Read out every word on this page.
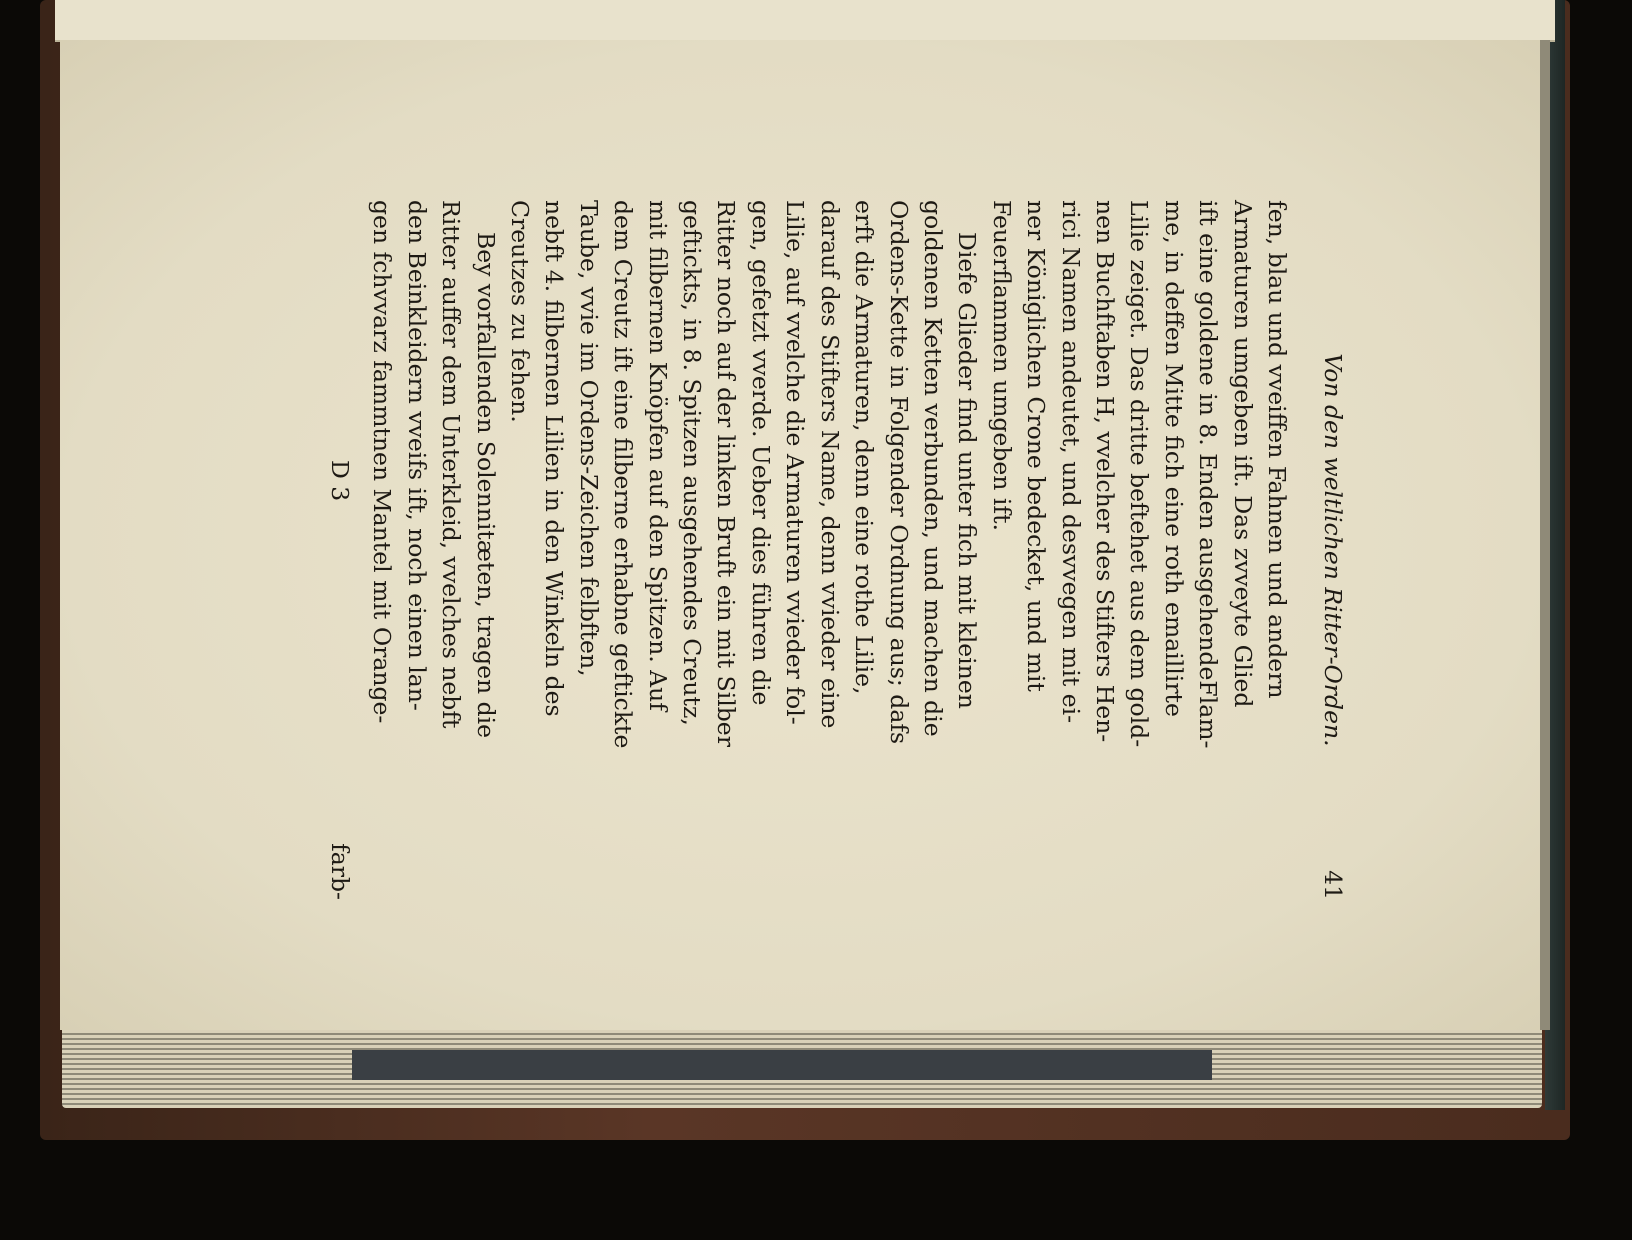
Von den weltlichen Ritter-Orden.
41
fen, blau und vveiffen Fahnen und andern
Armaturen umgeben ift. Das zvveyte Glied
ift eine goldene in 8. Enden ausgehendeFlam-
me, in deffen Mitte fich eine roth emaillirte
Lilie zeiget. Das dritte beftehet aus dem gold-
nen Buchftaben H, vvelcher des Stifters Hen-
rici Namen andeutet, und desvvegen mit ei-
ner Königlichen Crone bedecket, und mit
Feuerflammen umgeben ift.
Diefe Glieder find unter fich mit kleinen
goldenen Ketten verbunden, und machen die
Ordens-Kette in Folgender Ordnung aus; dafs
erft die Armaturen, denn eine rothe Lilie,
darauf des Stifters Name, denn vvieder eine
Lilie, auf vvelche die Armaturen vvieder fol-
gen, gefetzt vverde. Ueber dies führen die
Ritter noch auf der linken Bruft ein mit Silber
geftickts, in 8. Spitzen ausgehendes Creutz,
mit filbernen Knöpfen auf den Spitzen. Auf
dem Creutz ift eine filberne erhabne geftickte
Taube, vvie im Ordens-Zeichen felbften,
nebft 4. filbernen Lilien in den Winkeln des
Creutzes zu fehen.
Bey vorfallenden Solennitæten, tragen die
Ritter auffer dem Unterkleid, vvelches nebft
den Beinkleidern vveifs ift, noch einen lan-
gen fchvvarz fammtnen Mantel mit Orange-
D 3
farb-
